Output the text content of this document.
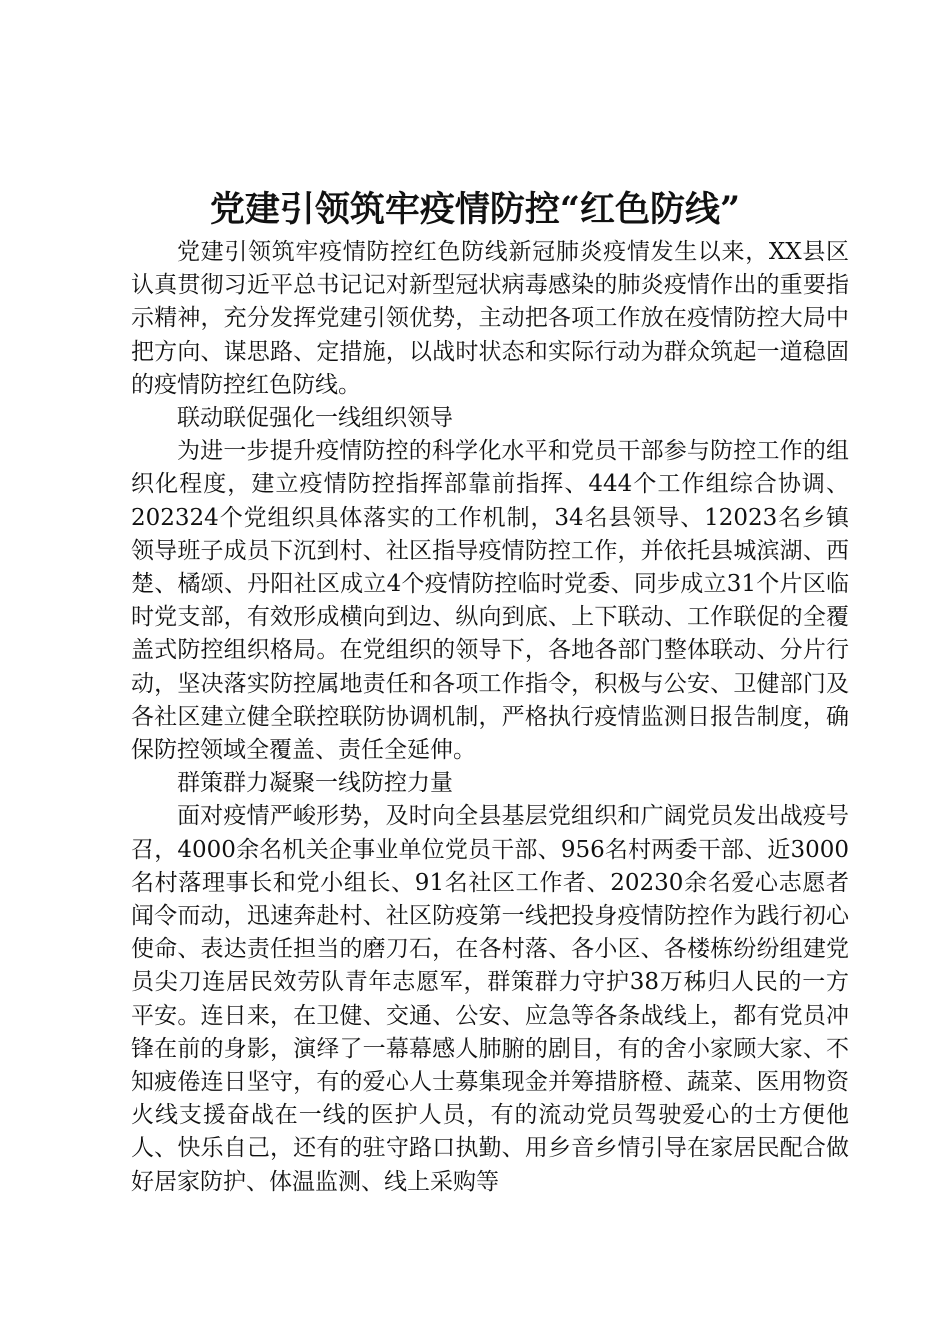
党建引领筑牢疫情防控“红色防线”

党建引领筑牢疫情防控红色防线新冠肺炎疫情发生以来，XX县区认真贯彻习近平总书记记对新型冠状病毒感染的肺炎疫情作出的重要指示精神，充分发挥党建引领优势，主动把各项工作放在疫情防控大局中把方向、谋思路、定措施，以战时状态和实际行动为群众筑起一道稳固的疫情防控红色防线。

联动联促强化一线组织领导

为进一步提升疫情防控的科学化水平和党员干部参与防控工作的组织化程度，建立疫情防控指挥部靠前指挥、444个工作组综合协调、202324个党组织具体落实的工作机制，34名县领导、12023名乡镇领导班子成员下沉到村、社区指导疫情防控工作，并依托县城滨湖、西楚、橘颂、丹阳社区成立4个疫情防控临时党委、同步成立31个片区临时党支部，有效形成横向到边、纵向到底、上下联动、工作联促的全覆盖式防控组织格局。在党组织的领导下，各地各部门整体联动、分片行动，坚决落实防控属地责任和各项工作指令，积极与公安、卫健部门及各社区建立健全联控联防协调机制，严格执行疫情监测日报告制度，确保防控领域全覆盖、责任全延伸。

群策群力凝聚一线防控力量

面对疫情严峻形势，及时向全县基层党组织和广阔党员发出战疫号召，4000余名机关企事业单位党员干部、956名村两委干部、近3000名村落理事长和党小组长、91名社区工作者、20230余名爱心志愿者闻令而动，迅速奔赴村、社区防疫第一线把投身疫情防控作为践行初心使命、表达责任担当的磨刀石，在各村落、各小区、各楼栋纷纷组建党员尖刀连居民效劳队青年志愿军，群策群力守护38万秭归人民的一方平安。连日来，在卫健、交通、公安、应急等各条战线上，都有党员冲锋在前的身影，演绎了一幕幕感人肺腑的剧目，有的舍小家顾大家、不知疲倦连日坚守，有的爱心人士募集现金并筹措脐橙、蔬菜、医用物资火线支援奋战在一线的医护人员，有的流动党员驾驶爱心的士方便他人、快乐自己，还有的驻守路口执勤、用乡音乡情引导在家居民配合做好居家防护、体温监测、线上采购等
